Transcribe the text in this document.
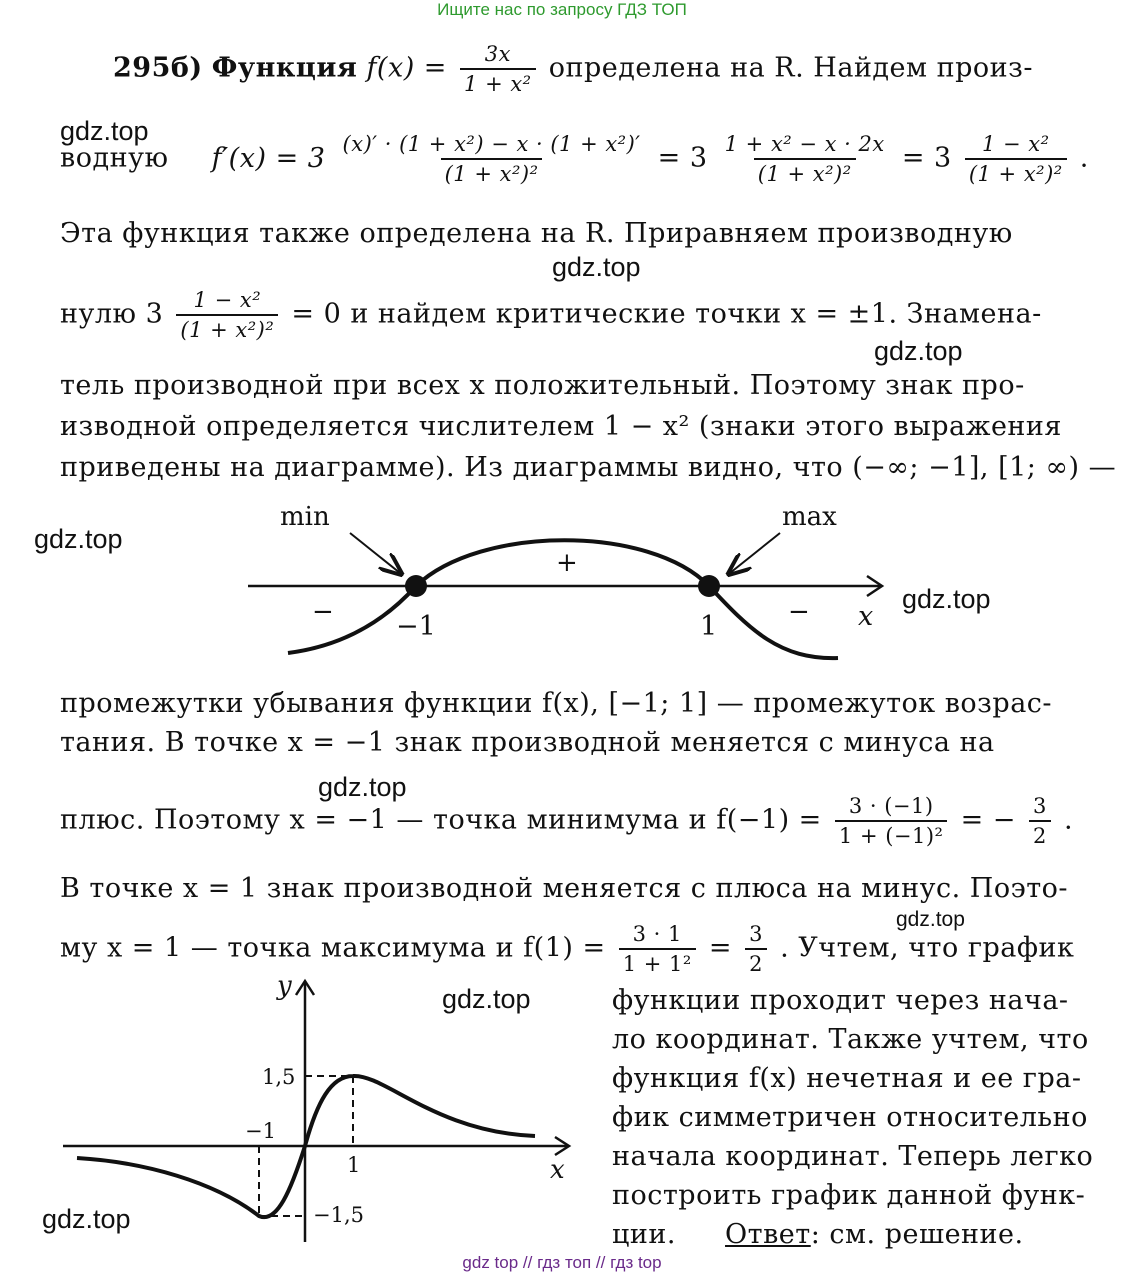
Ищите нас по запросу ГДЗ ТОП
295б) Функция $f(x) = \frac{3x}{\text{1 + x²}}$ определена на R. Найдем произ-
gdz.top
водную $f'(x) = 3 \frac{\text{(x)′ · (1 + x²) − x · (1 + x²)′}}{\text{(1 + x²)²}} = 3 \frac{\text{1 + x² − x · 2x}}{\text{(1 + x²)²}} = 3 \frac{\text{1 − x²}}{\text{(1 + x²)²}}$ .
Эта функция также определена на R. Приравняем производную
gdz.top
нулю $3 \frac{\text{1 − x²}}{\text{(1 + x²)²}} = 0$ и найдем критические точки x = ±1. Знамена-
gdz.top
тель производной при всех x положительный. Поэтому знак про-
изводной определяется числителем 1 − x² (знаки этого выражения
приведены на диаграмме). Из диаграммы видно, что (−∞; −1], [1; ∞) —
gdz.top
gdz.top
min	max
+
−	−
−1	1	x
промежутки убывания функции f(x), [−1; 1] — промежуток возрас-
тания. В точке x = −1 знак производной меняется с минуса на
gdz.top
плюс. Поэтому x = −1 — точка минимума и $f(-1) = \frac{3 \cdot (-1)}{\text{1 + (−1)²}}$ = − $\frac{3}{2}$ .
В точке x = 1 знак производной меняется с плюса на минус. Поэто-
gdz.top
му x = 1 — точка максимума и $f(1) = \frac{3 \cdot 1}{\text{1 + 1²}} = \frac{3}{2}$ . Учтем, что график
gdz.top	функции проходит через нача-
ло координат. Также учтем, что
функция f(x) нечетная и ее гра-
фик симметричен относительно
начала координат. Теперь легко
построить график данной функ-
ции. Ответ: см. решение.
y
x
1,5
−1,5
−1
1
gdz.top
gdz top // гдз топ // гдз top
